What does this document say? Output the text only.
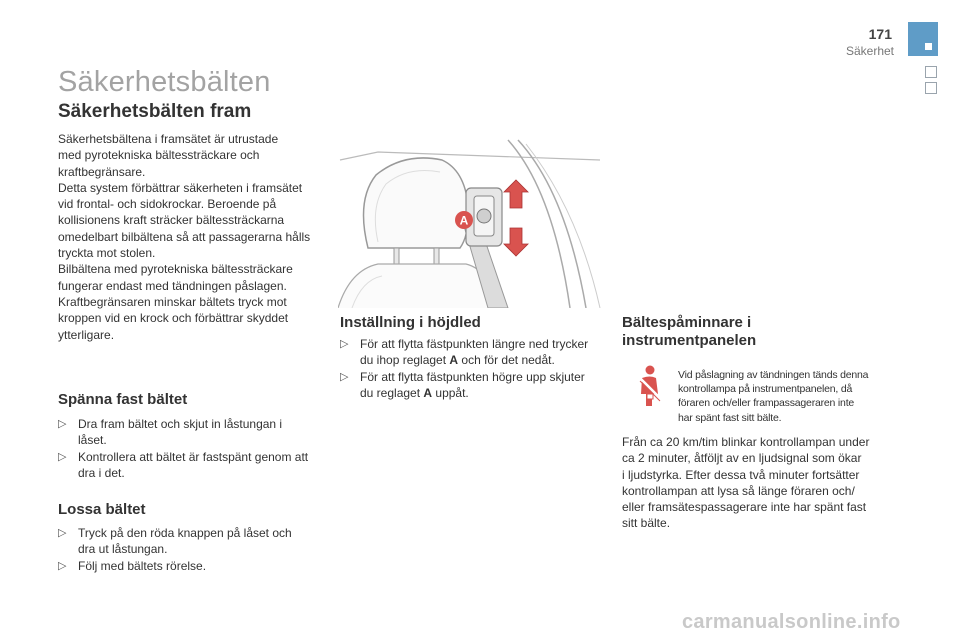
171
Säkerhet
Säkerhetsbälten
Säkerhetsbälten fram
Säkerhetsbältena i framsätet är utrustade
med pyrotekniska bältessträckare och
kraftbegränsare.
Detta system förbättrar säkerheten i framsätet
vid frontal- och sidokrockar. Beroende på
kollisionens kraft sträcker bältessträckarna
omedelbart bilbältena så att passagerarna hålls
tryckta mot stolen.
Bilbältena med pyrotekniska bältessträckare
fungerar endast med tändningen påslagen.
Kraftbegränsaren minskar bältets tryck mot
kroppen vid en krock och förbättrar skyddet
ytterligare.
Spänna fast bältet
▷ Dra fram bältet och skjut in låstungan i
låset.
▷ Kontrollera att bältet är fastspänt genom att
dra i det.
Lossa bältet
▷ Tryck på den röda knappen på låset och
dra ut låstungan.
▷ Följ med bältets rörelse.
A
Inställning i höjdled
▷ För att flytta fästpunkten längre ned trycker
du ihop reglaget A och för det nedåt.
▷ För att flytta fästpunkten högre upp skjuter
du reglaget A uppåt.
Bältespåminnare i
instrumentpanelen
Vid påslagning av tändningen tänds denna
kontrollampa på instrumentpanelen, då
föraren och/eller frampassageraren inte
har spänt fast sitt bälte.
Från ca 20 km/tim blinkar kontrollampan under
ca 2 minuter, åtföljt av en ljudsignal som ökar
i ljudstyrka. Efter dessa två minuter fortsätter
kontrollampan att lysa så länge föraren och/
eller framsätespassagerare inte har spänt fast
sitt bälte.
carmanualsonline.info
